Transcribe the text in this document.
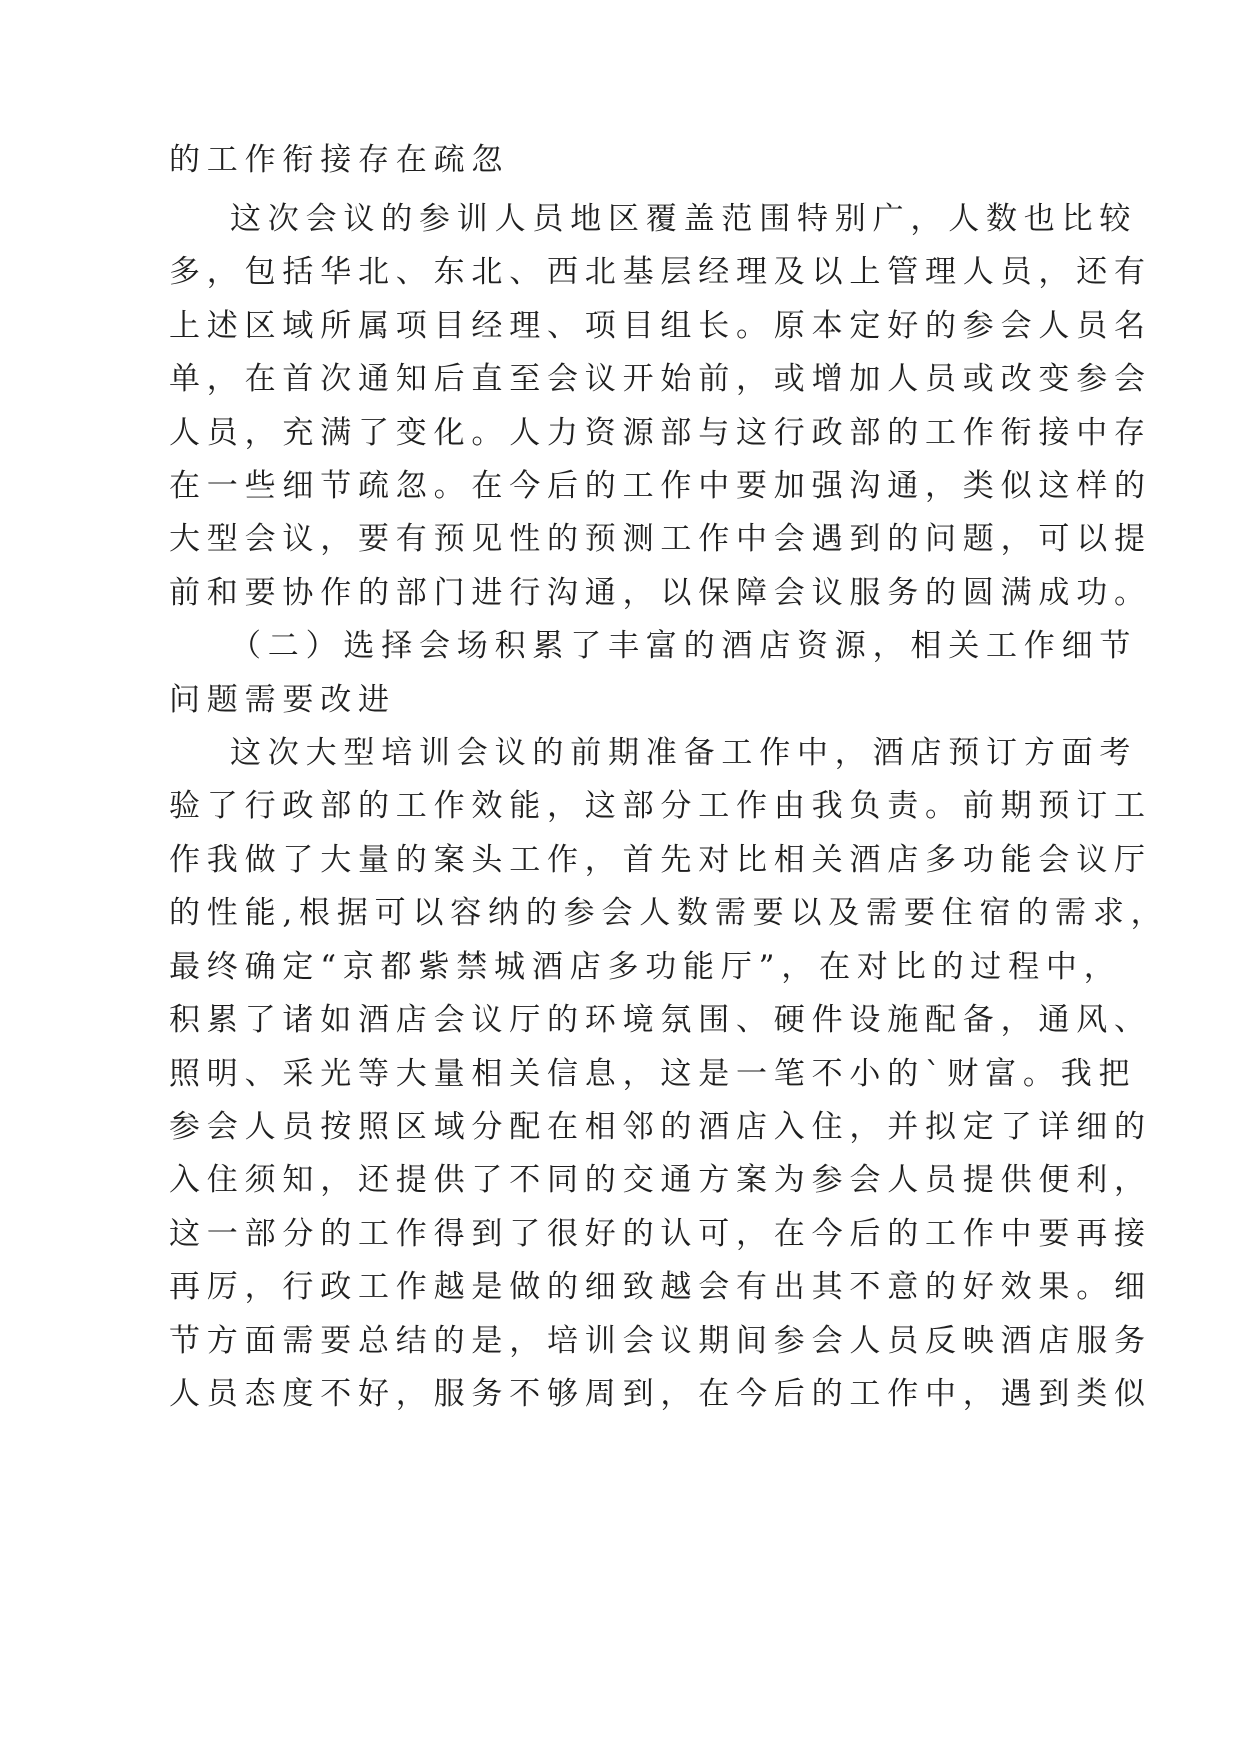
的工作衔接存在疏忽
这次会议的参训人员地区覆盖范围特别广，人数也比较
多，包括华北、东北、西北基层经理及以上管理人员，还有
上述区域所属项目经理、项目组长。原本定好的参会人员名
单，在首次通知后直至会议开始前，或增加人员或改变参会
人员，充满了变化。人力资源部与这行政部的工作衔接中存
在一些细节疏忽。在今后的工作中要加强沟通，类似这样的
大型会议，要有预见性的预测工作中会遇到的问题，可以提
前和要协作的部门进行沟通，以保障会议服务的圆满成功。
（二）选择会场积累了丰富的酒店资源，相关工作细节
问题需要改进
这次大型培训会议的前期准备工作中，酒店预订方面考
验了行政部的工作效能，这部分工作由我负责。前期预订工
作我做了大量的案头工作，首先对比相关酒店多功能会议厅
的性能,根据可以容纳的参会人数需要以及需要住宿的需求，
最终确定“京都紫禁城酒店多功能厅”，在对比的过程中，
积累了诸如酒店会议厅的环境氛围、硬件设施配备，通风、
照明、采光等大量相关信息，这是一笔不小的`财富。我把
参会人员按照区域分配在相邻的酒店入住，并拟定了详细的
入住须知，还提供了不同的交通方案为参会人员提供便利，
这一部分的工作得到了很好的认可，在今后的工作中要再接
再厉，行政工作越是做的细致越会有出其不意的好效果。细
节方面需要总结的是，培训会议期间参会人员反映酒店服务
人员态度不好，服务不够周到，在今后的工作中，遇到类似
